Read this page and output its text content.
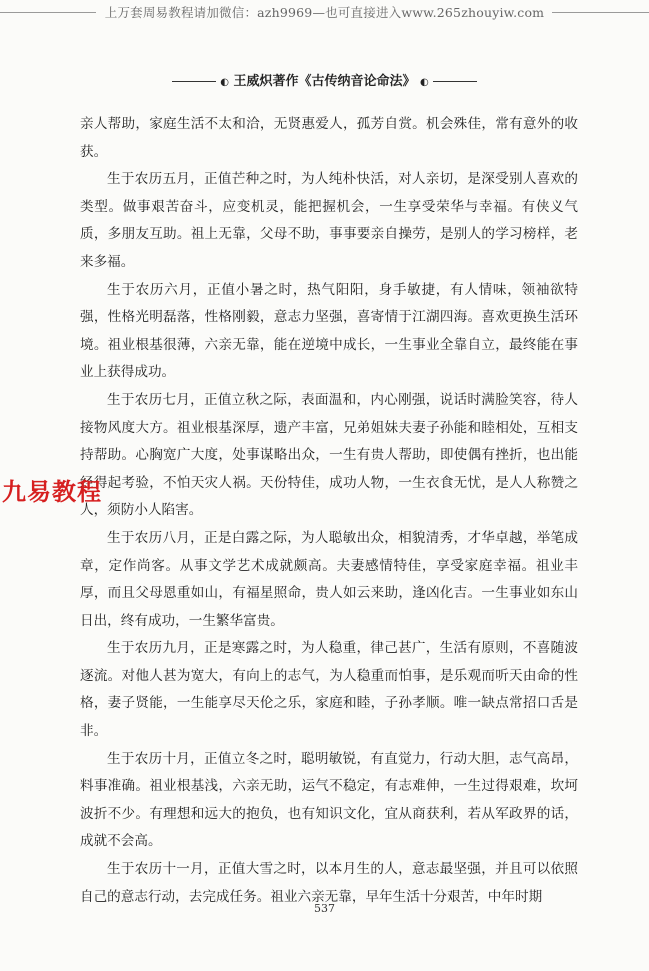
上万套周易教程请加微信：azh9969—也可直接进入www.265zhouyiw.com
◐ 王威炽著作《古传纳音论命法》 ◐

亲人帮助，家庭生活不太和洽，无贤惠爱人，孤芳自赏。机会殊佳，常有意外的收获。

生于农历五月，正值芒种之时，为人纯朴快活，对人亲切，是深受别人喜欢的类型。做事艰苦奋斗，应变机灵，能把握机会，一生享受荣华与幸福。有侠义气质，多朋友互助。祖上无靠，父母不助，事事要亲自操劳，是别人的学习榜样，老来多福。

生于农历六月，正值小暑之时，热气阳阳，身手敏捷，有人情味，领袖欲特强，性格光明磊落，性格刚毅，意志力坚强，喜寄情于江湖四海。喜欢更换生活环境。祖业根基很薄，六亲无靠，能在逆境中成长，一生事业全靠自立，最终能在事业上获得成功。

生于农历七月，正值立秋之际，表面温和，内心刚强，说话时满脸笑容，待人接物风度大方。祖业根基深厚，遗产丰富，兄弟姐妹夫妻子孙能和睦相处，互相支持帮助。心胸宽广大度，处事谋略出众，一生有贵人帮助，即使偶有挫折，也出能经得起考验，不怕天灾人祸。天份特佳，成功人物，一生衣食无忧，是人人称赞之人，须防小人陷害。

生于农历八月，正是白露之际，为人聪敏出众，相貌清秀，才华卓越，举笔成章，定作尚客。从事文学艺术成就颇高。夫妻感情特佳，享受家庭幸福。祖业丰厚，而且父母恩重如山，有福星照命，贵人如云来助，逢凶化吉。一生事业如东山日出，终有成功，一生繁华富贵。

生于农历九月，正是寒露之时，为人稳重，律己甚广，生活有原则，不喜随波逐流。对他人甚为宽大，有向上的志气，为人稳重而怕事，是乐观而听天由命的性格，妻子贤能，一生能享尽天伦之乐，家庭和睦，子孙孝顺。唯一缺点常招口舌是非。

生于农历十月，正值立冬之时，聪明敏锐，有直觉力，行动大胆，志气高昂，料事准确。祖业根基浅，六亲无助，运气不稳定，有志难伸，一生过得艰难，坎坷波折不少。有理想和远大的抱负，也有知识文化，宜从商获利，若从军政界的话，成就不会高。

生于农历十一月，正值大雪之时，以本月生的人，意志最坚强，并且可以依照自己的意志行动，去完成任务。祖业六亲无靠，早年生活十分艰苦，中年时期

九易教程
537
